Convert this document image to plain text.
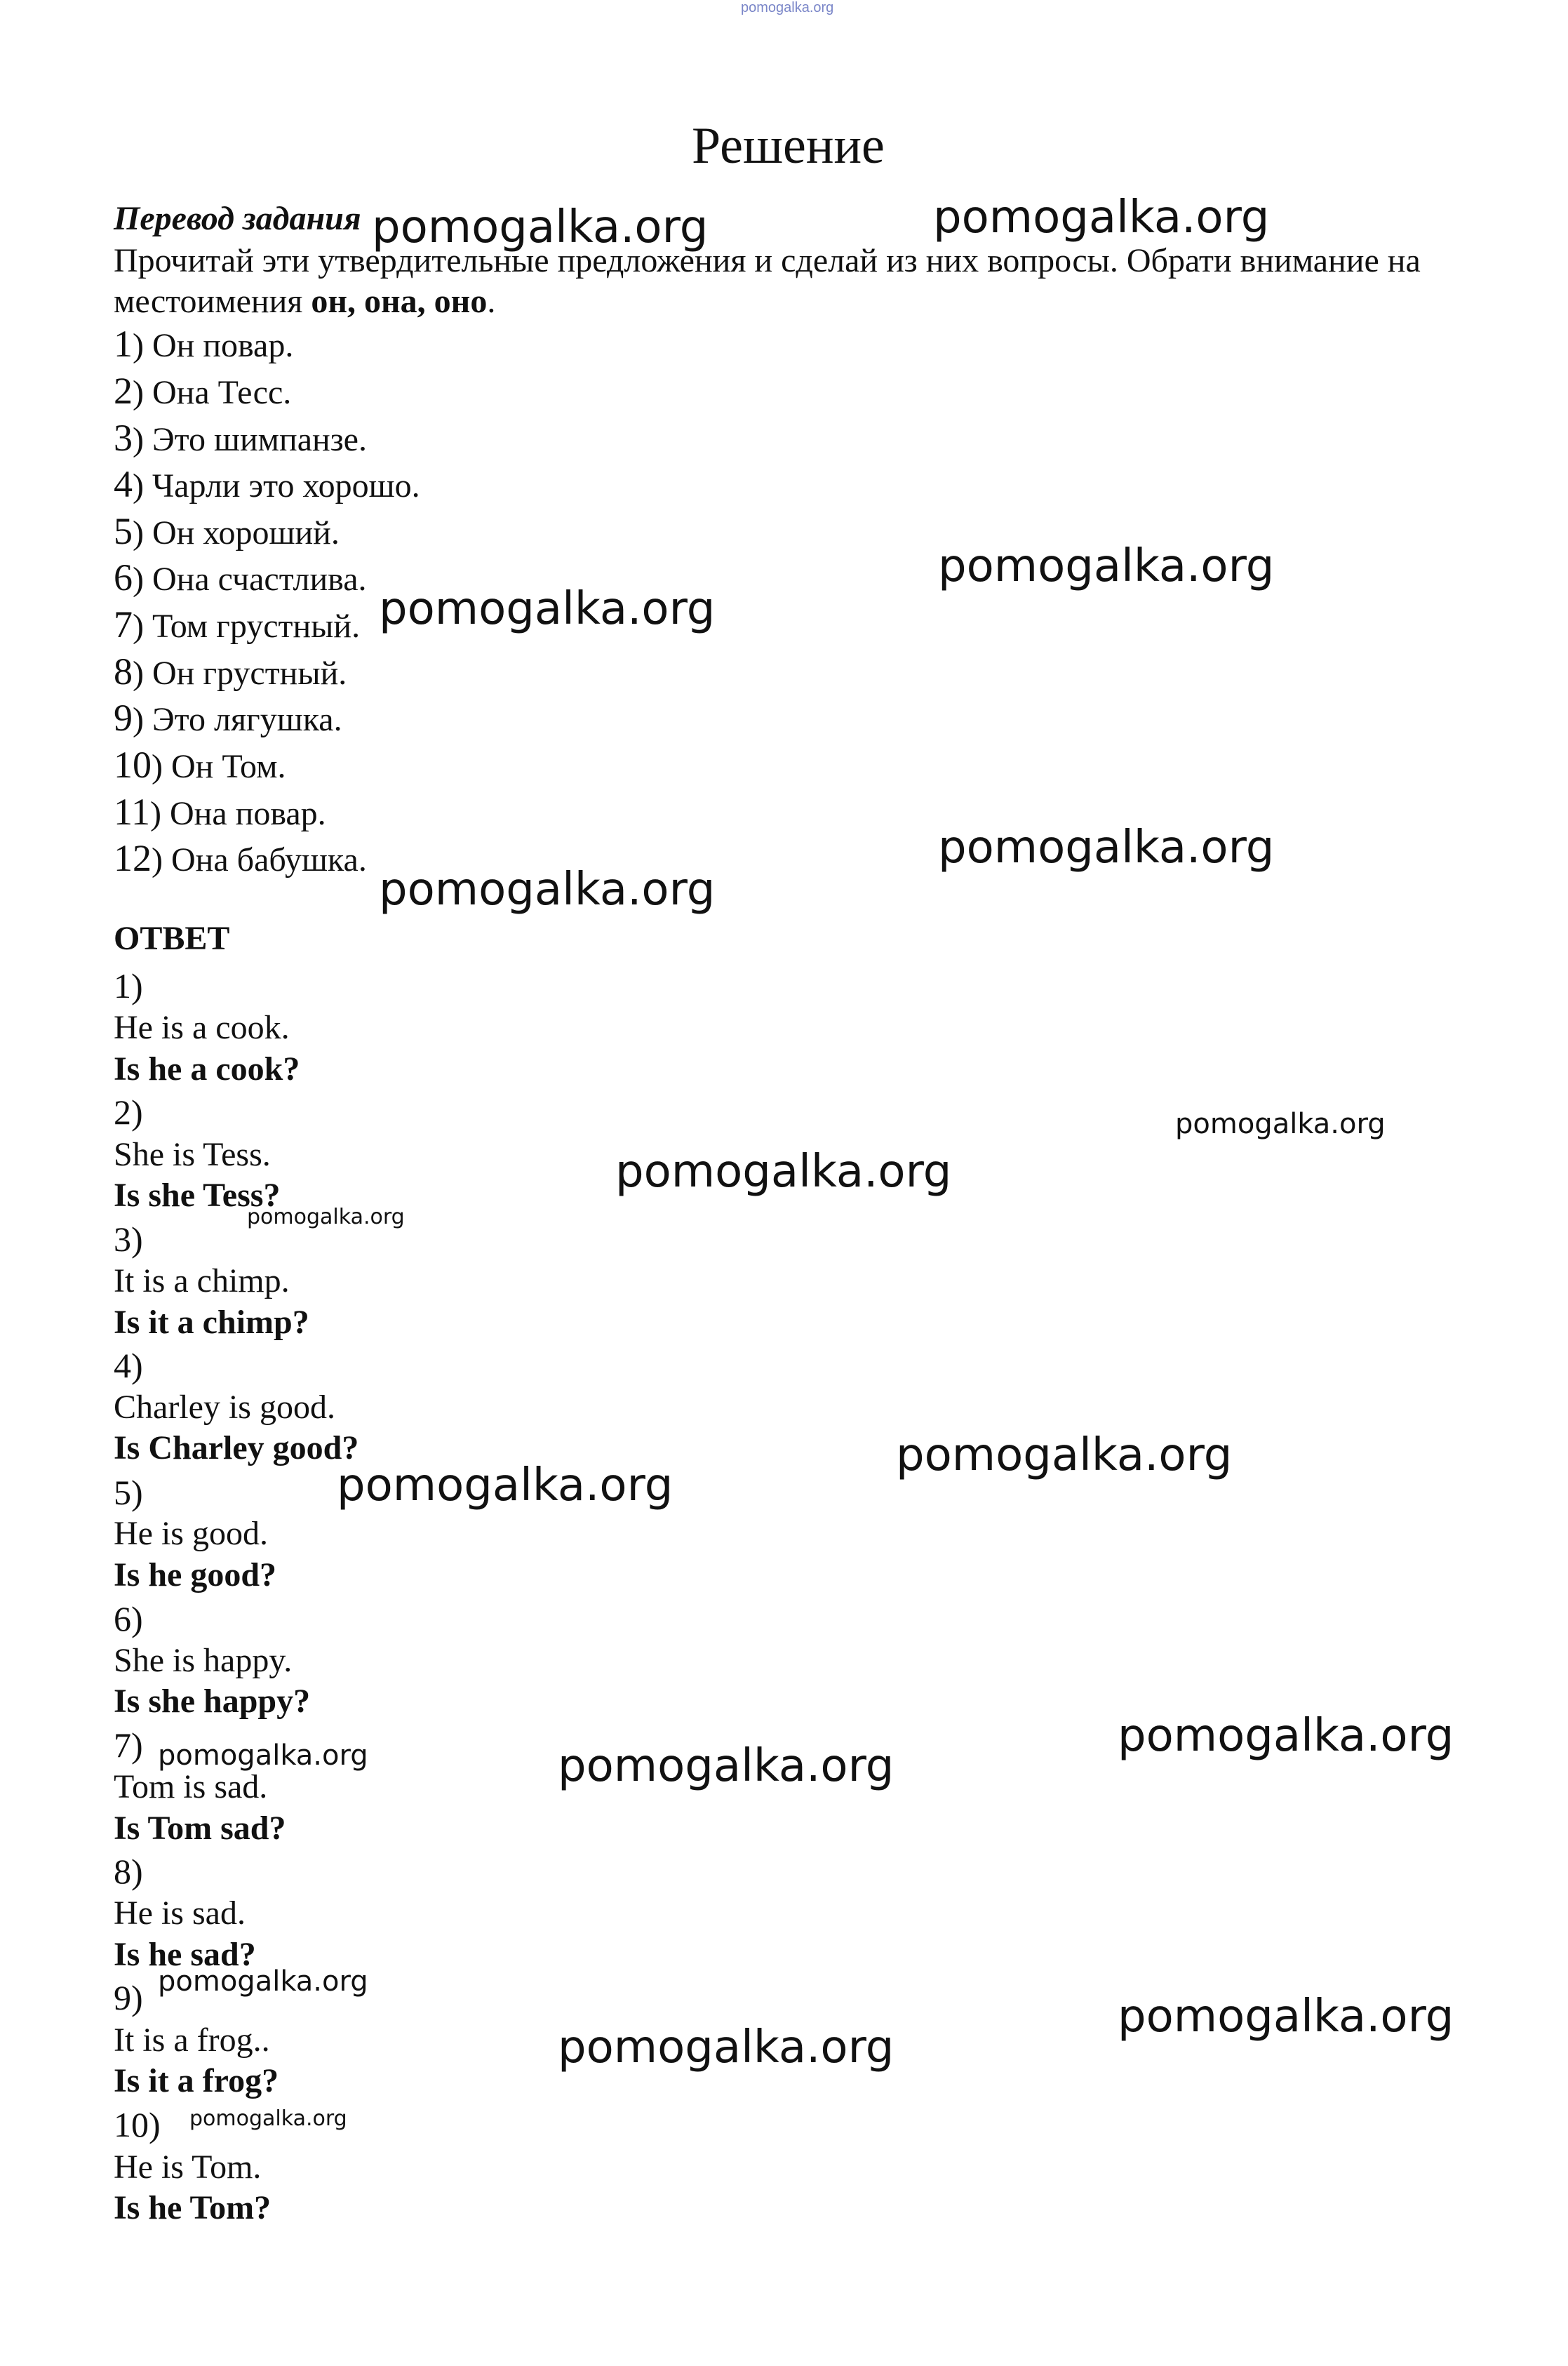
pomogalka.org
Решение
Перевод задания
Прочитай эти утвердительные предложения и сделай из них вопросы. Обрати внимание на местоимения он, она, оно.
1) Он повар.
2) Она Тесс.
3) Это шимпанзе.
4) Чарли это хорошо.
5) Он хороший.
6) Она счастлива.
7) Том грустный.
8) Он грустный.
9) Это лягушка.
10) Он Том.
11) Она повар.
12) Она бабушка.
ОТВЕТ
1)
He is a cook.
Is he a cook?
2)
She is Tess.
Is she Tess?
3)
It is a chimp.
Is it a chimp?
4)
Charley is good.
Is Charley good?
5)
He is good.
Is he good?
6)
She is happy.
Is she happy?
7)
Tom is sad.
Is Tom sad?
8)
He is sad.
Is he sad?
9)
It is a frog..
Is it a frog?
10)
He is Tom.
Is he Tom?
pomogalka.org	pomogalka.org
pomogalka.org
pomogalka.org
pomogalka.org
pomogalka.org
pomogalka.org
pomogalka.org
pomogalka.org
pomogalka.org
pomogalka.org
pomogalka.org
pomogalka.org	pomogalka.org
pomogalka.org
pomogalka.org
pomogalka.org
pomogalka.org
